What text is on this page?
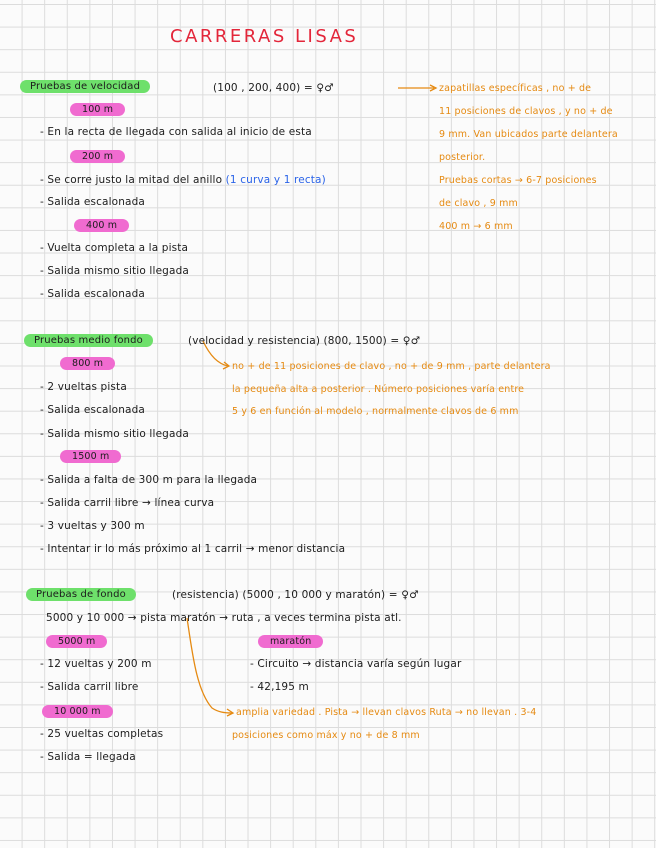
CARRERAS LISAS
Pruebas de velocidad	(100 , 200, 400) = ♀♂
100 m
- En la recta de llegada con salida al inicio de esta
200 m
- Se corre justo la mitad del anillo (1 curva y 1 recta)
- Salida escalonada
400 m
- Vuelta completa a la pista
- Salida mismo sitio llegada
- Salida escalonada
zapatillas específicas , no + de
11 posiciones de clavos , y no + de
9 mm. Van ubicados parte delantera
posterior.
Pruebas cortas → 6-7 posiciones
de clavo , 9 mm
400 m → 6 mm
Pruebas medio fondo	(velocidad y resistencia) (800, 1500) = ♀♂
800 m
- 2 vueltas pista
- Salida escalonada
- Salida mismo sitio llegada
1500 m
- Salida a falta de 300 m para la llegada
- Salida carril libre → línea curva
- 3 vueltas y 300 m
- Intentar ir lo más próximo al 1 carril → menor distancia
no + de 11 posiciones de clavo , no + de 9 mm , parte delantera
la pequeña alta a posterior . Número posiciones varía entre
5 y 6 en función al modelo , normalmente clavos de 6 mm
Pruebas de fondo	(resistencia) (5000 , 10 000 y maratón) = ♀♂
5000 y 10 000 → pista maratón → ruta , a veces termina pista atl.
5000 m
- 12 vueltas y 200 m
- Salida carril libre
10 000 m
- 25 vueltas completas
- Salida = llegada
maratón
- Circuito → distancia varía según lugar
- 42,195 m
amplia variedad . Pista → llevan clavos Ruta → no llevan . 3-4
posiciones como máx y no + de 8 mm
